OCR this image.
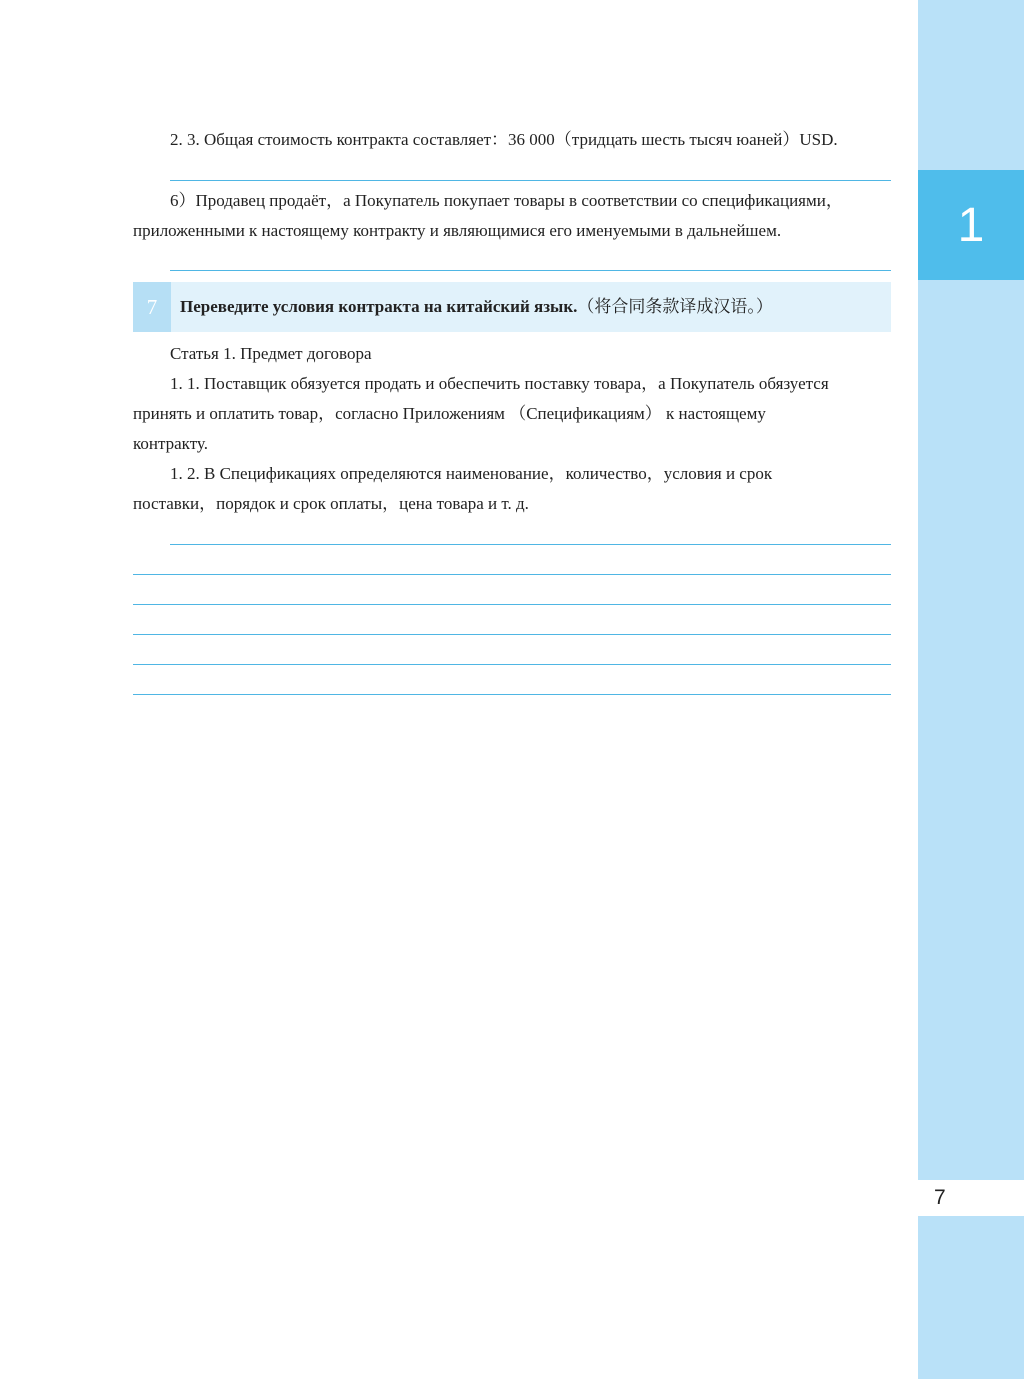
1
7

2. 3. Общая стоимость контракта составляет：36 000（тридцать шесть тысяч юаней）USD.

6）Продавец продаёт，а Покупатель покупает товары в соответствии со спецификациями，

приложенными к настоящему контракту и являющимися его именуемыми в дальнейшем.

7	Переведите условия контракта на китайский язык.（将合同条款译成汉语。）

Статья 1. Предмет договора

1. 1. Поставщик обязуется продать и обеспечить поставку товара，а Покупатель обязуется

принять и оплатить товар，согласно Приложениям （Спецификациям） к настоящему

контракту.

1. 2. В Спецификациях определяются наименование，количество，условия и срок

поставки，порядок и срок оплаты，цена товара и т. д.
